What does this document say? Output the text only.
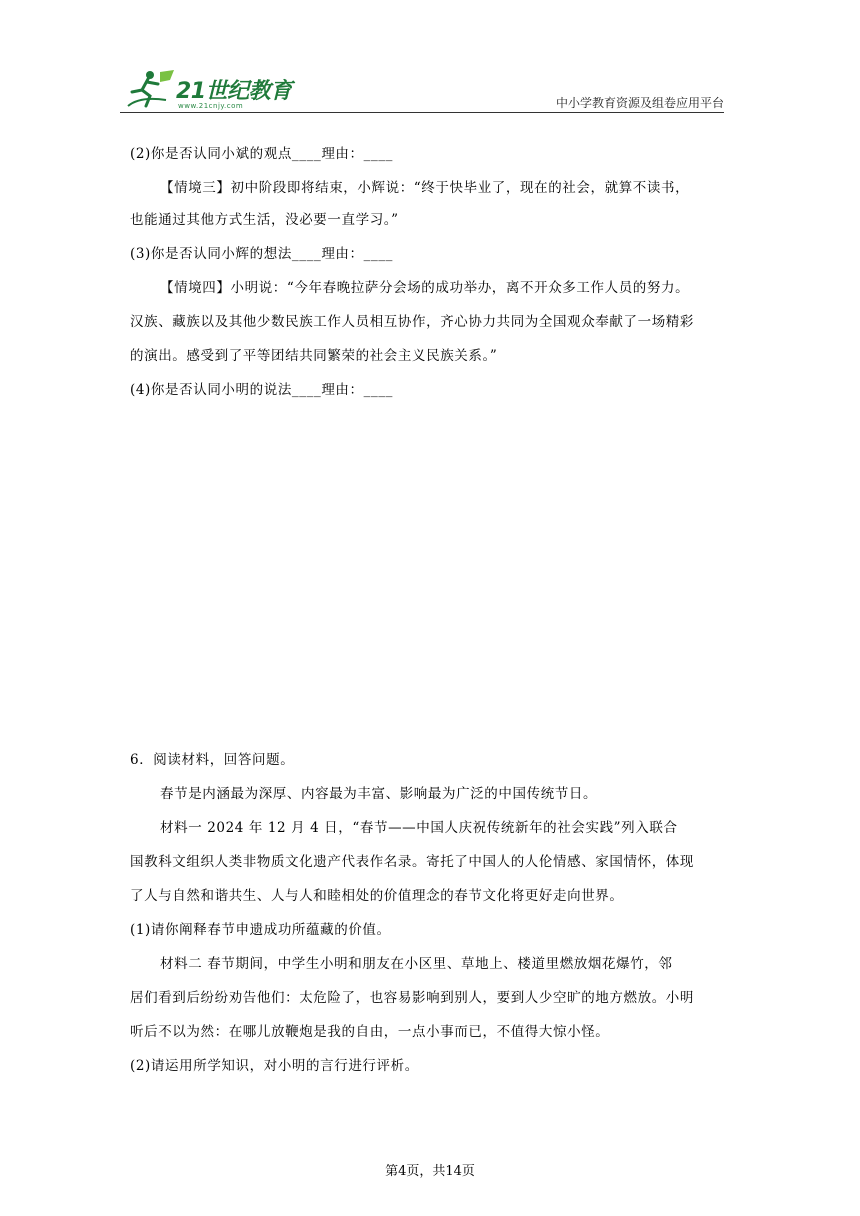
21世纪教育
www.21cnjy.com	中小学教育资源及组卷应用平台
(2)你是否认同小斌的观点____理由：____
【情境三】初中阶段即将结束，小辉说：“终于快毕业了，现在的社会，就算不读书，
也能通过其他方式生活，没必要一直学习。”
(3)你是否认同小辉的想法____理由：____
【情境四】小明说：“今年春晚拉萨分会场的成功举办，离不开众多工作人员的努力。
汉族、藏族以及其他少数民族工作人员相互协作，齐心协力共同为全国观众奉献了一场精彩
的演出。感受到了平等团结共同繁荣的社会主义民族关系。”
(4)你是否认同小明的说法____理由：____
6．阅读材料，回答问题。
春节是内涵最为深厚、内容最为丰富、影响最为广泛的中国传统节日。
材料一 2024 年 12 月 4 日，“春节——中国人庆祝传统新年的社会实践”列入联合
国教科文组织人类非物质文化遗产代表作名录。寄托了中国人的人伦情感、家国情怀，体现
了人与自然和谐共生、人与人和睦相处的价值理念的春节文化将更好走向世界。
(1)请你阐释春节申遗成功所蕴藏的价值。
材料二 春节期间，中学生小明和朋友在小区里、草地上、楼道里燃放烟花爆竹，邻
居们看到后纷纷劝告他们：太危险了，也容易影响到别人，要到人少空旷的地方燃放。小明
听后不以为然：在哪儿放鞭炮是我的自由，一点小事而已，不值得大惊小怪。
(2)请运用所学知识，对小明的言行进行评析。
第4页，共14页
